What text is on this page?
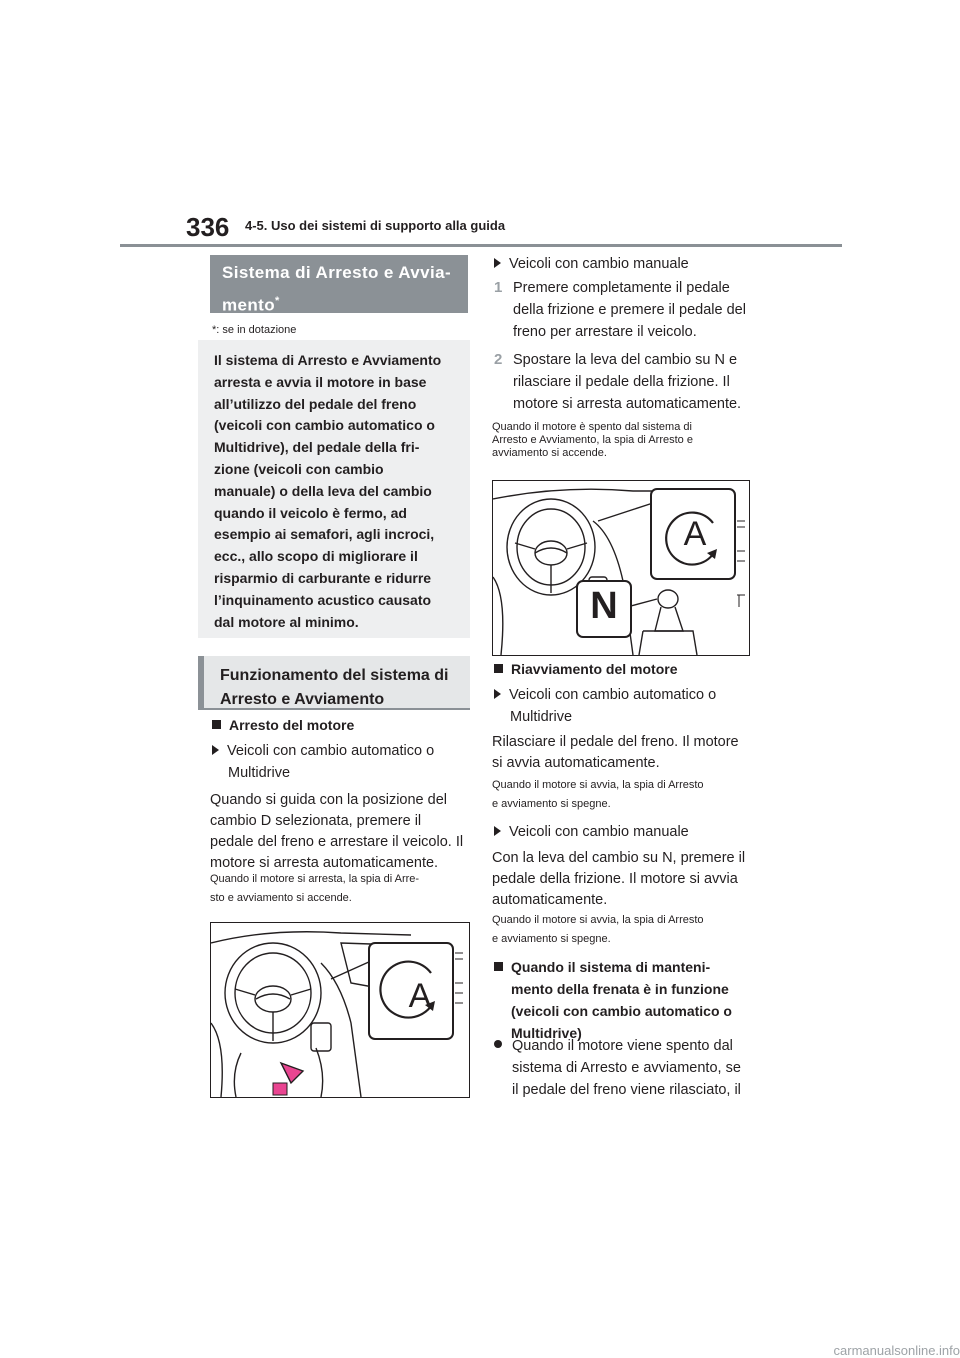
336 4-5. Uso dei sistemi di supporto alla guida
Sistema di Arresto e Avvia-
mento*
*: se in dotazione
Il sistema di Arresto e Avviamento
arresta e avvia il motore in base
all’utilizzo del pedale del freno
(veicoli con cambio automatico o
Multidrive), del pedale della fri-
zione (veicoli con cambio
manuale) o della leva del cambio
quando il veicolo è fermo, ad
esempio ai semafori, agli incroci,
ecc., allo scopo di migliorare il
risparmio di carburante e ridurre
l’inquinamento acustico causato
dal motore al minimo.
Funzionamento del sistema di
Arresto e Avviamento
Arresto del motore
Veicoli con cambio automatico o
Multidrive
Quando si guida con la posizione del
cambio D selezionata, premere il
pedale del freno e arrestare il veicolo. Il
motore si arresta automaticamente.
Quando il motore si arresta, la spia di Arre-
sto e avviamento si accende.
A
Veicoli con cambio manuale
1 Premere completamente il pedale
della frizione e premere il pedale del
freno per arrestare il veicolo.
2 Spostare la leva del cambio su N e
rilasciare il pedale della frizione. Il
motore si arresta automaticamente.
Quando il motore è spento dal sistema di
Arresto e Avviamento, la spia di Arresto e
avviamento si accende.
A
N
Riavviamento del motore
Veicoli con cambio automatico o
Multidrive
Rilasciare il pedale del freno. Il motore
si avvia automaticamente.
Quando il motore si avvia, la spia di Arresto
e avviamento si spegne.
Veicoli con cambio manuale
Con la leva del cambio su N, premere il
pedale della frizione. Il motore si avvia
automaticamente.
Quando il motore si avvia, la spia di Arresto
e avviamento si spegne.
Quando il sistema di manteni-
mento della frenata è in funzione
(veicoli con cambio automatico o
Multidrive)
Quando il motore viene spento dal
sistema di Arresto e avviamento, se
il pedale del freno viene rilasciato, il
carmanualsonline.info
